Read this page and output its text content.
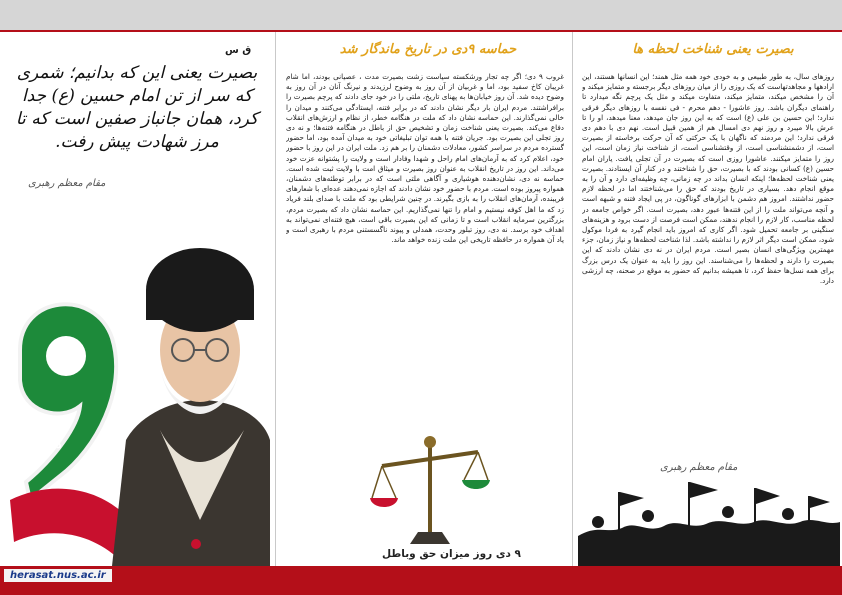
ق س
بصیرت یعنی این که بدانیم؛ شمری که سر از تن امام حسین (ع) جدا کرد، همان جانباز صفین است که تا مرز شهادت پیش رفت.
مقام معظم رهبری
دی
herasat.nus.ac.ir
حماسه ۹دی در تاریخ ماندگار شد
غروب ۹ دی؛ اگر چه تجار ورشکسته سیاست زشت بصیرت مدت ، عصیانی بودند، اما شام غریبان کاخ سفید بود، اما و غربیان از آن روز به وضوح لرزیدند و نیرنگ آنان در آن روز به وضوح دیده شد. آن روز خیابان‌ها به پهنای تاریخ، ملتی را در خود جای دادند که پرچم بصیرت را برافراشتند. مردم ایران بار دیگر نشان دادند که در برابر فتنه، ایستادگی می‌کنند و میدان را خالی نمی‌گذارند. این حماسه نشان داد که ملت در هنگامه خطر، از نظام و ارزش‌های انقلاب دفاع می‌کند. بصیرت یعنی شناخت زمان و تشخیص حق از باطل در هنگامه فتنه‌ها؛ و نه دی روز تجلی این بصیرت بود. جریان فتنه با همه توان تبلیغاتی خود به میدان آمده بود، اما حضور گسترده مردم در سراسر کشور، معادلات دشمنان را بر هم زد. ملت ایران در این روز با حضور خود، اعلام کرد که به آرمان‌های امام راحل و شهدا وفادار است و ولایت را پشتوانه عزت خود می‌داند. این روز در تاریخ انقلاب به عنوان روز بصیرت و میثاق امت با ولایت ثبت شده است. حماسه نه دی، نشان‌دهنده هوشیاری و آگاهی ملتی است که در برابر توطئه‌های دشمنان، همواره پیروز بوده است. مردم با حضور خود نشان دادند که اجازه نمی‌دهند عده‌ای با شعارهای فریبنده، آرمان‌های انقلاب را به بازی بگیرند. در چنین شرایطی بود که ملت با صدای بلند فریاد زد که ما اهل کوفه نیستیم و امام را تنها نمی‌گذاریم. این حماسه نشان داد که بصیرت مردم، بزرگترین سرمایه انقلاب است و تا زمانی که این بصیرت باقی است، هیچ فتنه‌ای نمی‌تواند به اهداف خود برسد. نه دی، روز تبلور وحدت، همدلی و پیوند ناگسستنی مردم با رهبری است و یاد آن همواره در حافظه تاریخی این ملت زنده خواهد ماند.
۹ دی روز میزان حق وباطل
بصیرت یعنی شناخت لحظه ها
روزهای سال، به طور طبیعی و به خودی خود همه مثل همند؛ این انسانها هستند، این ارادهها و مجاهدتهاست که یک روزی را از میان روزهای دیگر برجسته و متمایز میکند و آن را مشخص میکند، متمایز میکند، متفاوت میکند و مثل یک پرچم نگه میدارد تا راهنمای دیگران باشد. روز عاشورا - دهم محرم - فی نفسه با روزهای دیگر فرقی ندارد؛ این حسین بن علی (ع) است که به این روز جان میدهد، معنا میدهد، او را تا عرش بالا میبرد و روز نهم دی امسال هم از همین قبیل است. نهم دی با دهم دی فرقی ندارد؛ این مردمند که ناگهان با یک حرکتی که آن حرکت برخاسته از بصیرت است، از دشمنشناسی است، از وقتشناسی است، از شناخت نیاز زمان است، این روز را متمایز میکنند. عاشورا روزی است که بصیرت در آن تجلی یافت. یاران امام حسین (ع) کسانی بودند که با بصیرت، حق را شناختند و در کنار آن ایستادند. بصیرت یعنی شناخت لحظه‌ها؛ اینکه انسان بداند در چه زمانی، چه وظیفه‌ای دارد و آن را به موقع انجام دهد. بسیاری در تاریخ بودند که حق را می‌شناختند اما در لحظه لازم حضور نداشتند. امروز هم دشمن با ابزارهای گوناگون، در پی ایجاد فتنه و شبهه است و آنچه می‌تواند ملت را از این فتنه‌ها عبور دهد، بصیرت است. اگر خواص جامعه در لحظه مناسب، کار لازم را انجام ندهند، ممکن است فرصت از دست برود و هزینه‌های سنگینی بر جامعه تحمیل شود. اگر کاری که امروز باید انجام گیرد به فردا موکول شود، ممکن است دیگر اثر لازم را نداشته باشد. لذا شناخت لحظه‌ها و نیاز زمان، جزء مهمترین ویژگی‌های انسان بصیر است. مردم ایران در نه دی نشان دادند که این بصیرت را دارند و لحظه‌ها را می‌شناسند. این روز را باید به عنوان یک درس بزرگ برای همه نسل‌ها حفظ کرد، تا همیشه بدانیم که حضور به موقع در صحنه، چه ارزشی دارد.
مقام معظم رهبری
